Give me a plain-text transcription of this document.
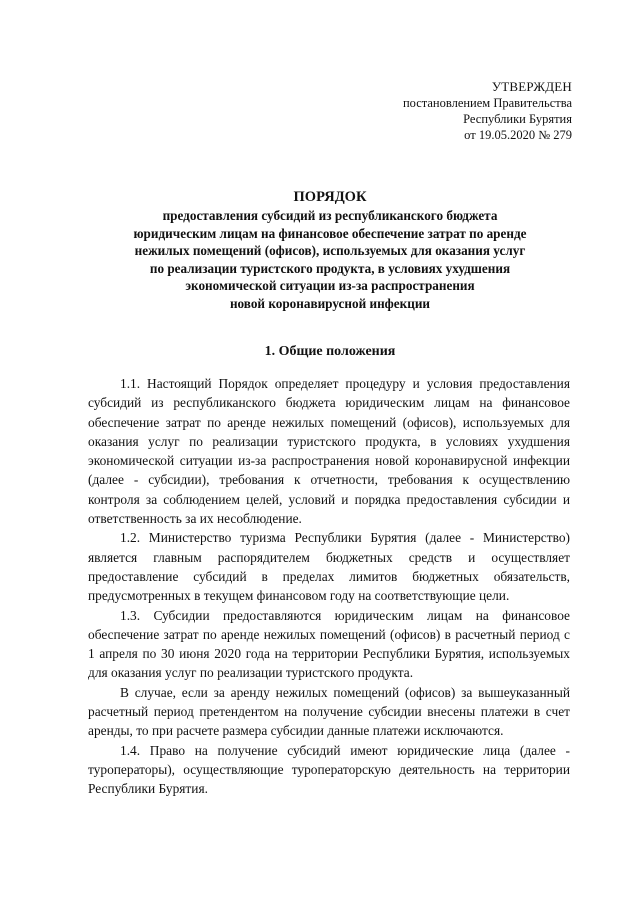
УТВЕРЖДЕН
постановлением Правительства
Республики Бурятия
от 19.05.2020 № 279
ПОРЯДОК
предоставления субсидий из республиканского бюджета
юридическим лицам на финансовое обеспечение затрат по аренде
нежилых помещений (офисов), используемых для оказания услуг
по реализации туристского продукта, в условиях ухудшения
экономической ситуации из-за распространения
новой коронавирусной инфекции
1. Общие положения

1.1. Настоящий Порядок определяет процедуру и условия предоставления субсидий из республиканского бюджета юридическим лицам на финансовое обеспечение затрат по аренде нежилых помещений (офисов), используемых для оказания услуг по реализации туристского продукта, в условиях ухудшения экономической ситуации из-за распространения новой коронавирусной инфекции (далее - субсидии), требования к отчетности, требования к осуществлению контроля за соблюдением целей, условий и порядка предоставления субсидии и ответственность за их несоблюдение.

1.2. Министерство туризма Республики Бурятия (далее - Министерство) является главным распорядителем бюджетных средств и осуществляет предоставление субсидий в пределах лимитов бюджетных обязательств, предусмотренных в текущем финансовом году на соответствующие цели.

1.3. Субсидии предоставляются юридическим лицам на финансовое обеспечение затрат по аренде нежилых помещений (офисов) в расчетный период с 1 апреля по 30 июня 2020 года на территории Республики Бурятия, используемых для оказания услуг по реализации туристского продукта.

В случае, если за аренду нежилых помещений (офисов) за вышеуказанный расчетный период претендентом на получение субсидии внесены платежи в счет аренды, то при расчете размера субсидии данные платежи исключаются.

1.4. Право на получение субсидий имеют юридические лица (далее - туроператоры), осуществляющие туроператорскую деятельность на территории Республики Бурятия.
